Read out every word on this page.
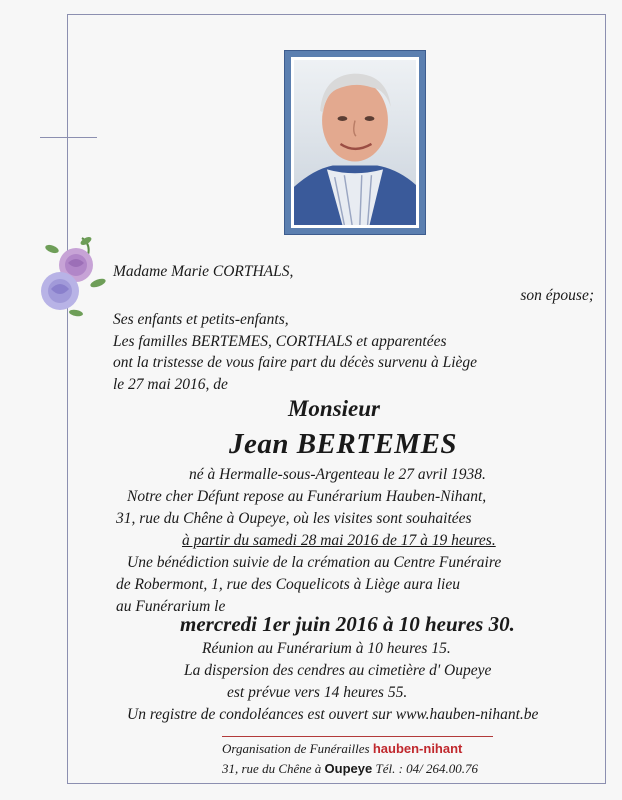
Madame Marie CORTHALS,
son épouse;
Ses enfants et petits-enfants,
Les familles BERTEMES, CORTHALS et apparentées
ont la tristesse de vous faire part du décès survenu à Liège
le 27 mai 2016, de
Monsieur
Jean BERTEMES
né à Hermalle-sous-Argenteau le 27 avril 1938.
Notre cher Défunt repose au Funérarium Hauben-Nihant,
31, rue du Chêne à Oupeye, où les visites sont souhaitées
à partir du samedi 28 mai 2016 de 17 à 19 heures.
Une bénédiction suivie de la crémation au Centre Funéraire
de Robermont, 1, rue des Coquelicots à Liège aura lieu
au Funérarium le
mercredi 1er juin 2016 à 10 heures 30.
Réunion au Funérarium à 10 heures 15.
La dispersion des cendres au cimetière d' Oupeye
est prévue vers 14 heures 55.
Un registre de condoléances est ouvert sur www.hauben-nihant.be
Organisation de Funérailles hauben-nihant
31, rue du Chêne à Oupeye Tél. : 04/ 264.00.76
